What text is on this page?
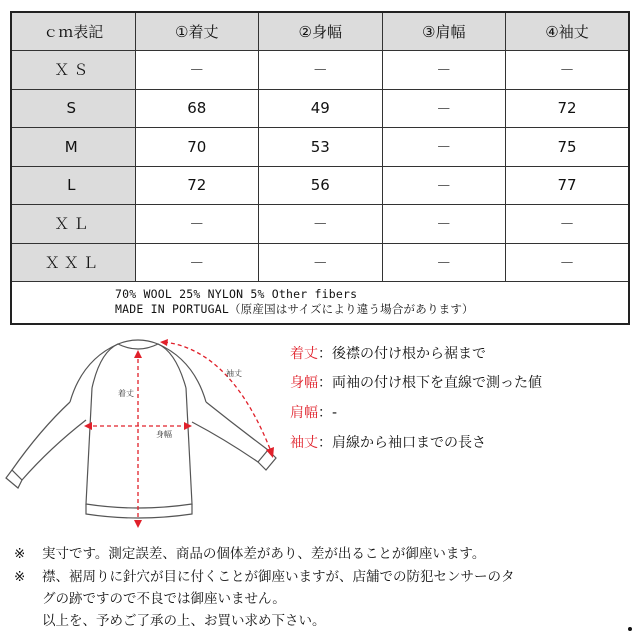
ｃｍ表記	①着丈	②身幅	③肩幅	④袖丈
ＸＳ	－	－	－	－
S	68	49	－	72
M	70	53	－	75
L	72	56	－	77
ＸＬ	－	－	－	－
ＸＸＬ	－	－	－	－

70% WOOL 25% NYLON 5% Other fibers
MADE IN PORTUGAL（原産国はサイズにより違う場合があります）				
着丈
身幅
袖丈
着丈：後襟の付け根から裾まで
身幅：両袖の付け根下を直線で測った値
肩幅：-
袖丈：肩線から袖口までの長さ
※ 実寸です。測定誤差、商品の個体差があり、差が出ることが御座います。
※ 襟、裾周りに針穴が目に付くことが御座いますが、店舗での防犯センサーのタ
グの跡ですので不良では御座いません。
以上を、予めご了承の上、お買い求め下さい。
